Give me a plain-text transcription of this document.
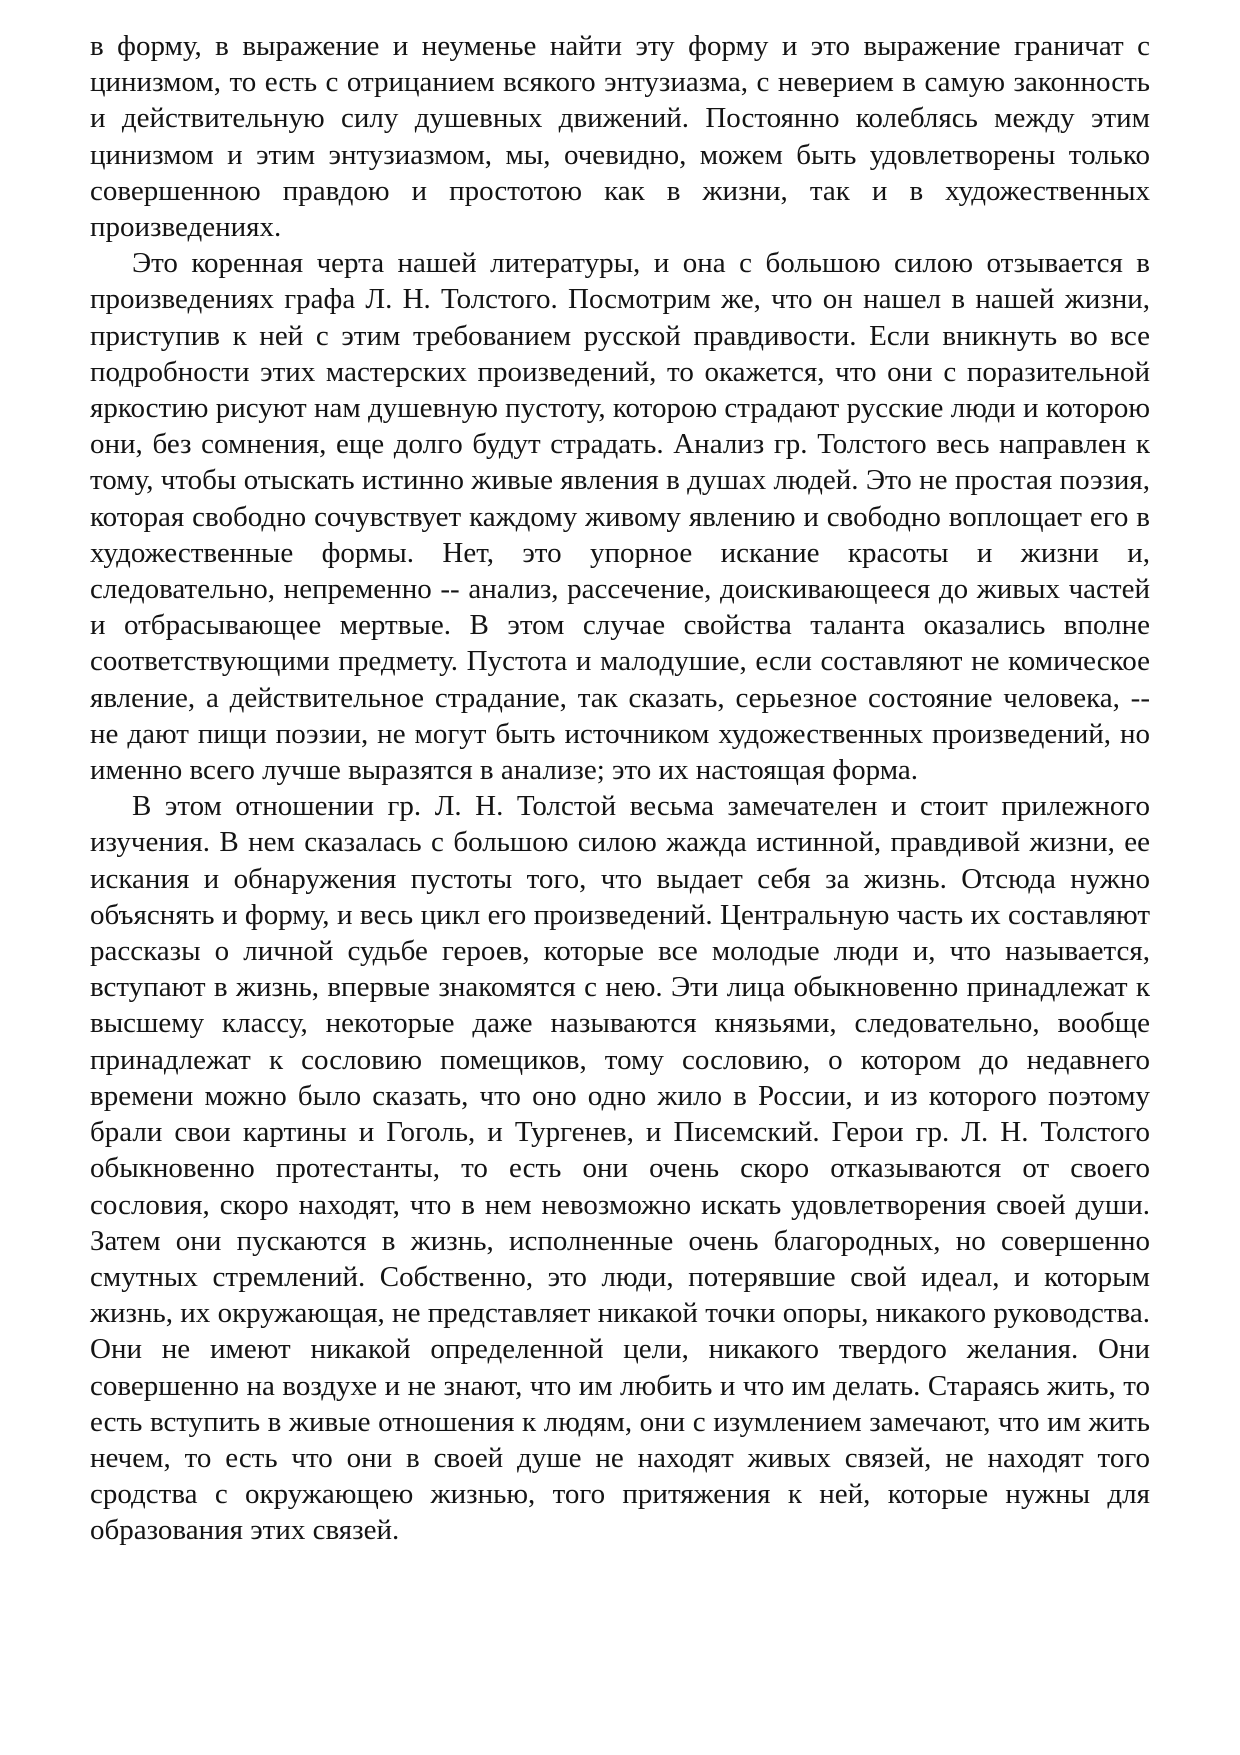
в форму, в выражение и неуменье найти эту форму и это выражение граничат с цинизмом, то есть с отрицанием всякого энтузиазма, с неверием в самую законность и действительную силу душевных движений. Постоянно колеблясь между этим цинизмом и этим энтузиазмом, мы, очевидно, можем быть удовлетворены только совершенною правдою и простотою как в жизни, так и в художественных произведениях.

Это коренная черта нашей литературы, и она с большою силою отзывается в произведениях графа Л. Н. Толстого. Посмотрим же, что он нашел в нашей жизни, приступив к ней с этим требованием русской правдивости. Если вникнуть во все подробности этих мастерских произведений, то окажется, что они с поразительной яркостию рисуют нам душевную пустоту, которою страдают русские люди и которою они, без сомнения, еще долго будут страдать. Анализ гр. Толстого весь направлен к тому, чтобы отыскать истинно живые явления в душах людей. Это не простая поэзия, которая свободно сочувствует каждому живому явлению и свободно воплощает его в художественные формы. Нет, это упорное искание красоты и жизни и, следовательно, непременно -- анализ, рассечение, доискивающееся до живых частей и отбрасывающее мертвые. В этом случае свойства таланта оказались вполне соответствующими предмету. Пустота и малодушие, если составляют не комическое явление, а действительное страдание, так сказать, серьезное состояние человека, -- не дают пищи поэзии, не могут быть источником художественных произведений, но именно всего лучше выразятся в анализе; это их настоящая форма.

В этом отношении гр. Л. Н. Толстой весьма замечателен и стоит прилежного изучения. В нем сказалась с большою силою жажда истинной, правдивой жизни, ее искания и обнаружения пустоты того, что выдает себя за жизнь. Отсюда нужно объяснять и форму, и весь цикл его произведений. Центральную часть их составляют рассказы о личной судьбе героев, которые все молодые люди и, что называется, вступают в жизнь, впервые знакомятся с нею. Эти лица обыкновенно принадлежат к высшему классу, некоторые даже называются князьями, следовательно, вообще принадлежат к сословию помещиков, тому сословию, о котором до недавнего времени можно было сказать, что оно одно жило в России, и из которого поэтому брали свои картины и Гоголь, и Тургенев, и Писемский. Герои гр. Л. Н. Толстого обыкновенно протестанты, то есть они очень скоро отказываются от своего сословия, скоро находят, что в нем невозможно искать удовлетворения своей души. Затем они пускаются в жизнь, исполненные очень благородных, но совершенно смутных стремлений. Собственно, это люди, потерявшие свой идеал, и которым жизнь, их окружающая, не представляет никакой точки опоры, никакого руководства. Они не имеют никакой определенной цели, никакого твердого желания. Они совершенно на воздухе и не знают, что им любить и что им делать. Стараясь жить, то есть вступить в живые отношения к людям, они с изумлением замечают, что им жить нечем, то есть что они в своей душе не находят живых связей, не находят того сродства с окружающею жизнью, того притяжения к ней, которые нужны для образования этих связей.
